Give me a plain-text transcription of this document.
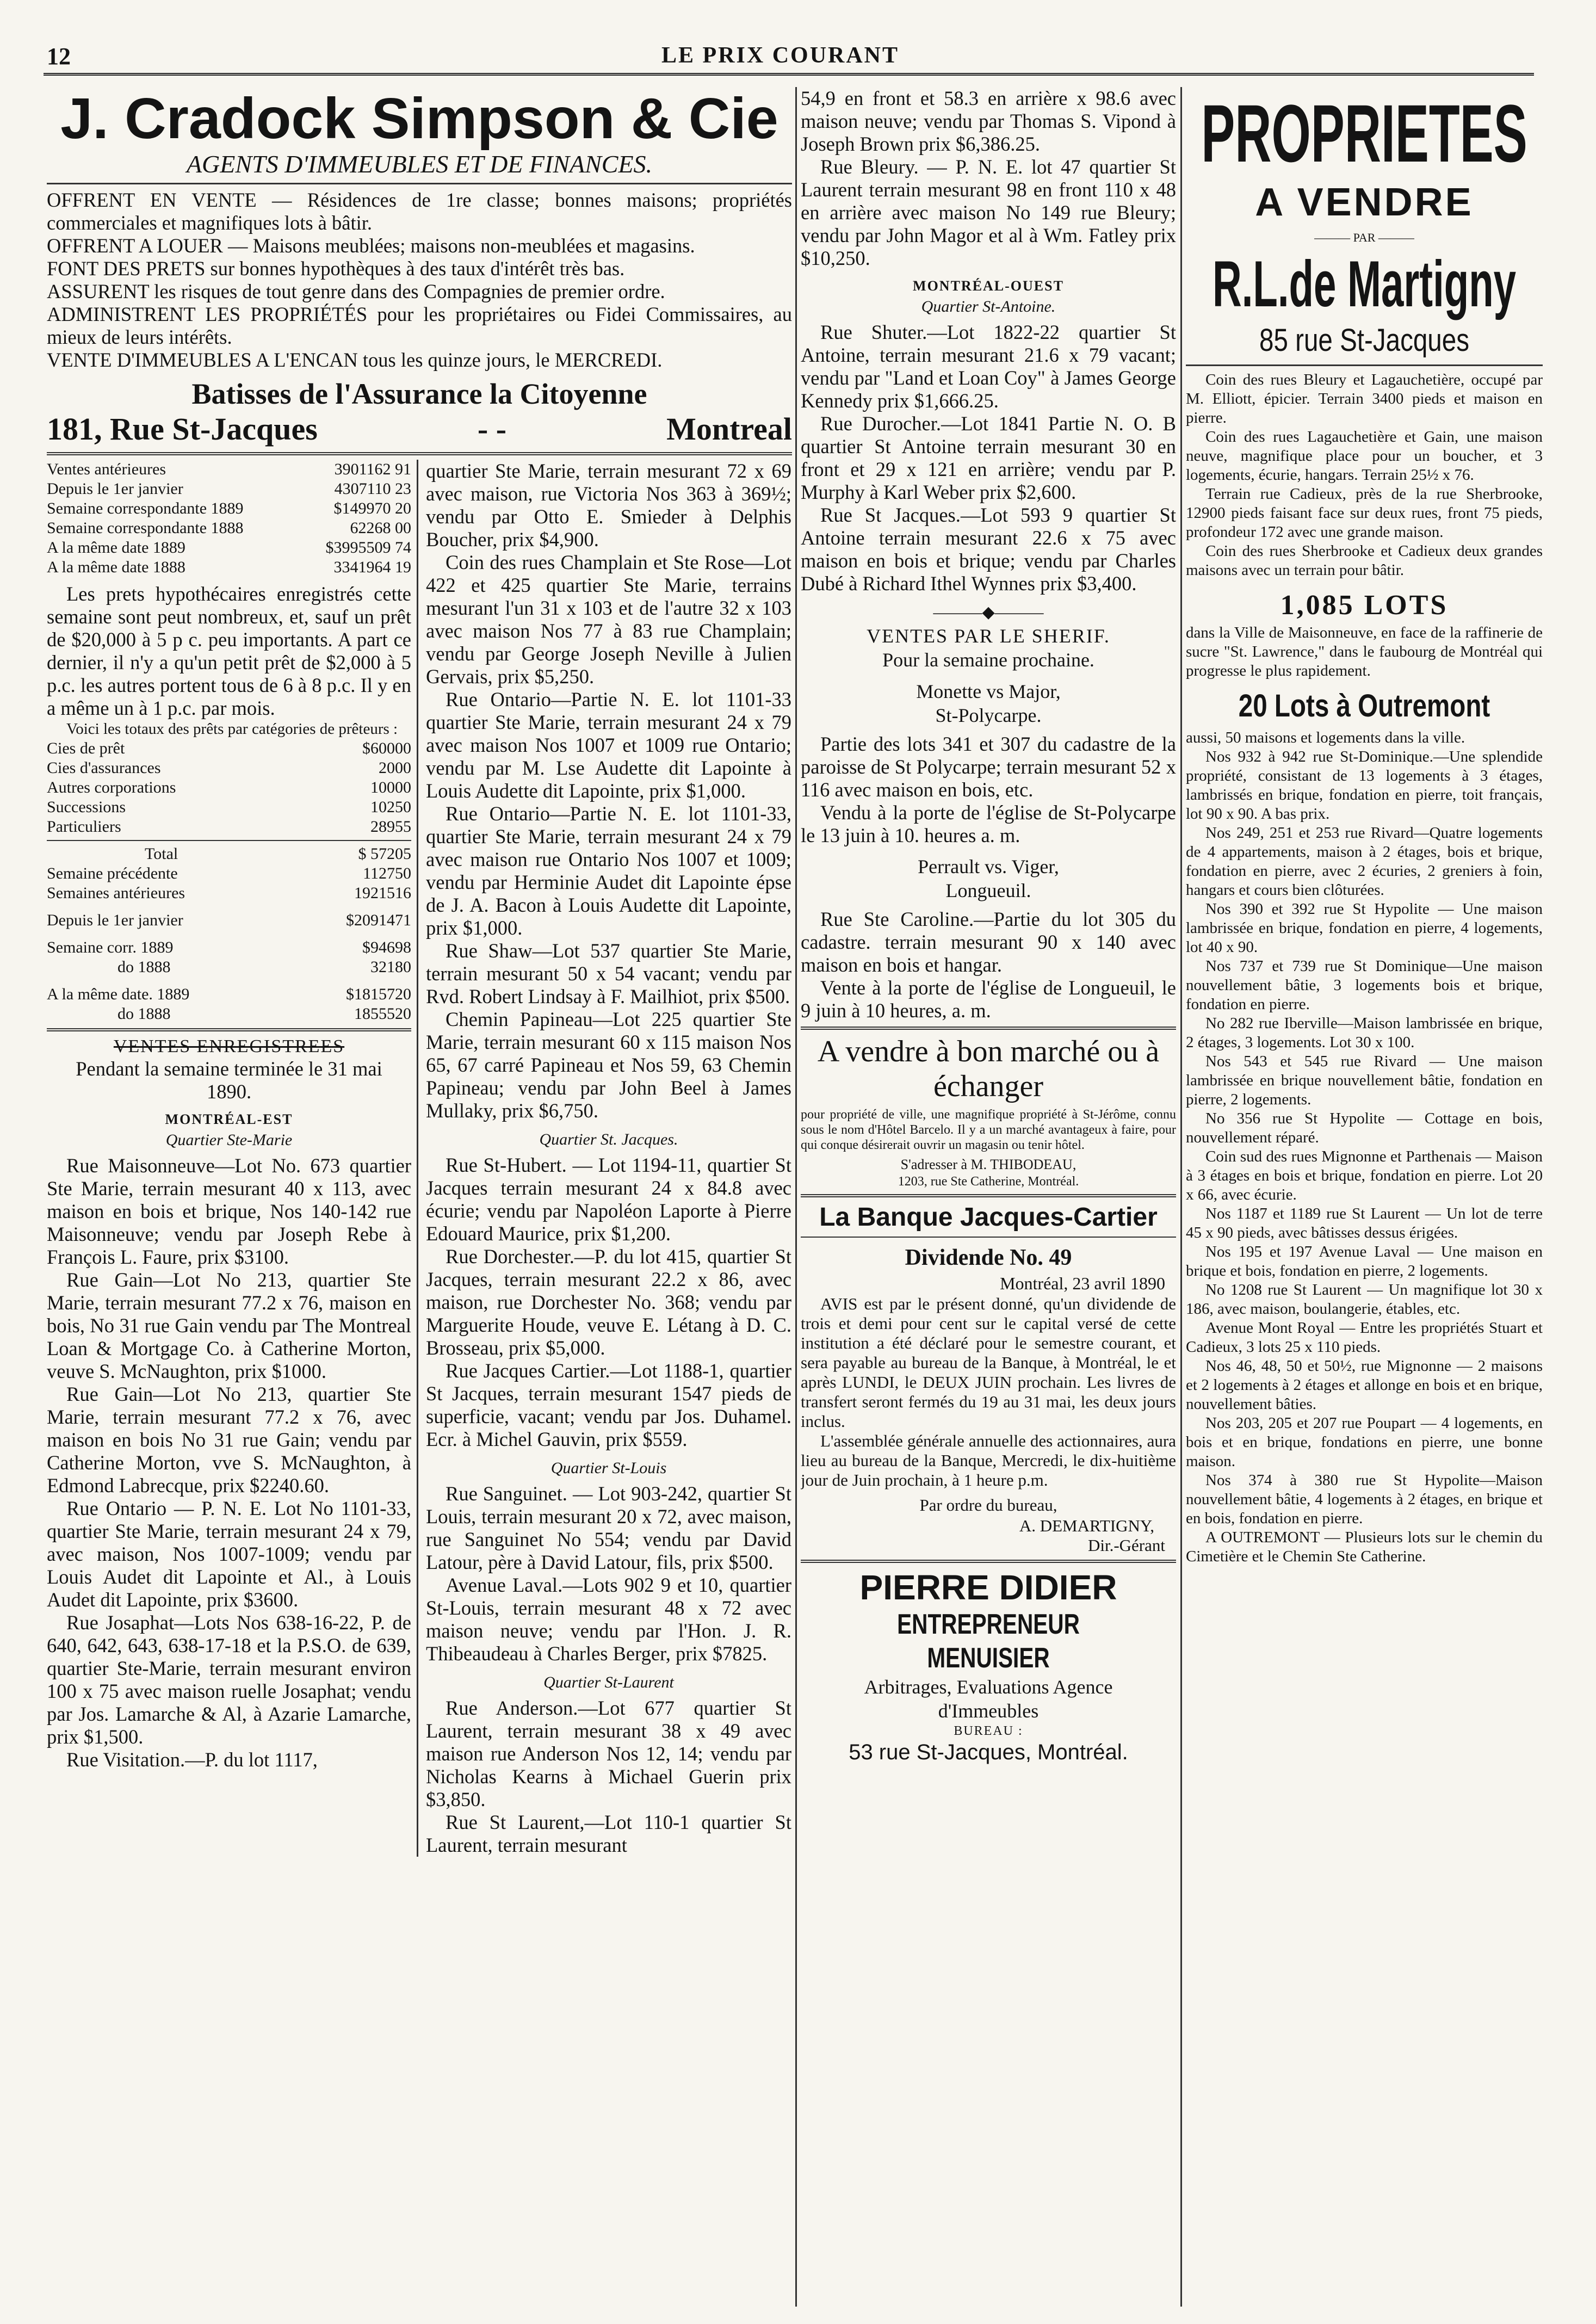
12	LE PRIX COURANT
J. Cradock Simpson & Cie
AGENTS D'IMMEUBLES ET DE FINANCES.

OFFRENT EN VENTE — Résidences de 1re classe; bonnes maisons; propriétés commerciales et magnifiques lots à bâtir.

OFFRENT A LOUER — Maisons meublées; maisons non-meublées et magasins.

FONT DES PRETS sur bonnes hypothèques à des taux d'intérêt très bas.

ASSURENT les risques de tout genre dans des Compagnies de premier ordre.

ADMINISTRENT LES PROPRIÉTÉS pour les propriétaires ou Fidei Commissaires, au mieux de leurs intérêts.

VENTE D'IMMEUBLES A L'ENCAN tous les quinze jours, le MERCREDI.

Batisses de l'Assurance la Citoyenne
181, Rue St-Jacques	- -	Montreal
Ventes antérieures	3901162 91
Depuis le 1er janvier	4307110 23
Semaine correspondante 1889	$149970 20
Semaine correspondante 1888	62268 00
A la même date 1889	$3995509 74
A la même date 1888	3341964 19

Les prets hypothécaires enregistrés cette semaine sont peut nombreux, et, sauf un prêt de $20,000 à 5 p c. peu importants. A part ce dernier, il n'y a qu'un petit prêt de $2,000 à 5 p.c. les autres portent tous de 6 à 8 p.c. Il y en a même un à 1 p.c. par mois.

Voici les totaux des prêts par catégories de prêteurs :

Cies de prêt	$60000
Cies d'assurances	2000
Autres corporations	10000
Successions	10250
Particuliers	28955
Total	$ 57205
Semaine précédente	112750
Semaines antérieures	1921516
Depuis le 1er janvier	$2091471
Semaine corr. 1889	$94698
do 1888	32180
A la même date. 1889	$1815720
do 1888	1855520
VENTES ENREGISTREES

Pendant la semaine terminée le 31 mai 1890.

MONTRÉAL-EST
Quartier Ste-Marie

Rue Maisonneuve—Lot No. 673 quartier Ste Marie, terrain mesurant 40 x 113, avec maison en bois et brique, Nos 140-142 rue Maisonneuve; vendu par Joseph Rebe à François L. Faure, prix $3100.

Rue Gain—Lot No 213, quartier Ste Marie, terrain mesurant 77.2 x 76, maison en bois, No 31 rue Gain vendu par The Montreal Loan & Mortgage Co. à Catherine Morton, veuve S. McNaughton, prix $1000.

Rue Gain—Lot No 213, quartier Ste Marie, terrain mesurant 77.2 x 76, avec maison en bois No 31 rue Gain; vendu par Catherine Morton, vve S. McNaughton, à Edmond Labrecque, prix $2240.60.

Rue Ontario — P. N. E. Lot No 1101-33, quartier Ste Marie, terrain mesurant 24 x 79, avec maison, Nos 1007-1009; vendu par Louis Audet dit Lapointe et Al., à Louis Audet dit Lapointe, prix $3600.

Rue Josaphat—Lots Nos 638-16-22, P. de 640, 642, 643, 638-17-18 et la P.S.O. de 639, quartier Ste-Marie, terrain mesurant environ 100 x 75 avec maison ruelle Josaphat; vendu par Jos. Lamarche & Al, à Azarie Lamarche, prix $1,500.

Rue Visitation.—P. du lot 1117,

quartier Ste Marie, terrain mesurant 72 x 69 avec maison, rue Victoria Nos 363 à 369½; vendu par Otto E. Smieder à Delphis Boucher, prix $4,900.

Coin des rues Champlain et Ste Rose—Lot 422 et 425 quartier Ste Marie, terrains mesurant l'un 31 x 103 et de l'autre 32 x 103 avec maison Nos 77 à 83 rue Champlain; vendu par George Joseph Neville à Julien Gervais, prix $5,250.

Rue Ontario—Partie N. E. lot 1101-33 quartier Ste Marie, terrain mesurant 24 x 79 avec maison Nos 1007 et 1009 rue Ontario; vendu par M. Lse Audette dit Lapointe à Louis Audette dit Lapointe, prix $1,000.

Rue Ontario—Partie N. E. lot 1101-33, quartier Ste Marie, terrain mesurant 24 x 79 avec maison rue Ontario Nos 1007 et 1009; vendu par Herminie Audet dit Lapointe épse de J. A. Bacon à Louis Audette dit Lapointe, prix $1,000.

Rue Shaw—Lot 537 quartier Ste Marie, terrain mesurant 50 x 54 vacant; vendu par Rvd. Robert Lindsay à F. Mailhiot, prix $500.

Chemin Papineau—Lot 225 quartier Ste Marie, terrain mesurant 60 x 115 maison Nos 65, 67 carré Papineau et Nos 59, 63 Chemin Papineau; vendu par John Beel à James Mullaky, prix $6,750.

Quartier St. Jacques.

Rue St-Hubert. — Lot 1194-11, quartier St Jacques terrain mesurant 24 x 84.8 avec écurie; vendu par Napoléon Laporte à Pierre Edouard Maurice, prix $1,200.

Rue Dorchester.—P. du lot 415, quartier St Jacques, terrain mesurant 22.2 x 86, avec maison, rue Dorchester No. 368; vendu par Marguerite Houde, veuve E. Létang à D. C. Brosseau, prix $5,000.

Rue Jacques Cartier.—Lot 1188-1, quartier St Jacques, terrain mesurant 1547 pieds de superficie, vacant; vendu par Jos. Duhamel. Ecr. à Michel Gauvin, prix $559.

Quartier St-Louis

Rue Sanguinet. — Lot 903-242, quartier St Louis, terrain mesurant 20 x 72, avec maison, rue Sanguinet No 554; vendu par David Latour, père à David Latour, fils, prix $500.

Avenue Laval.—Lots 902 9 et 10, quartier St-Louis, terrain mesurant 48 x 72 avec maison neuve; vendu par l'Hon. J. R. Thibeaudeau à Charles Berger, prix $7825.

Quartier St-Laurent

Rue Anderson.—Lot 677 quartier St Laurent, terrain mesurant 38 x 49 avec maison rue Anderson Nos 12, 14; vendu par Nicholas Kearns à Michael Guerin prix $3,850.

Rue St Laurent,—Lot 110-1 quartier St Laurent, terrain mesurant

54,9 en front et 58.3 en arrière x 98.6 avec maison neuve; vendu par Thomas S. Vipond à Joseph Brown prix $6,386.25.

Rue Bleury. — P. N. E. lot 47 quartier St Laurent terrain mesurant 98 en front 110 x 48 en arrière avec maison No 149 rue Bleury; vendu par John Magor et al à Wm. Fatley prix $10,250.

MONTRÉAL-OUEST
Quartier St-Antoine.

Rue Shuter.—Lot 1822-22 quartier St Antoine, terrain mesurant 21.6 x 79 vacant; vendu par "Land et Loan Coy" à James George Kennedy prix $1,666.25.

Rue Durocher.—Lot 1841 Partie N. O. B quartier St Antoine terrain mesurant 30 en front et 29 x 121 en arrière; vendu par P. Murphy à Karl Weber prix $2,600.

Rue St Jacques.—Lot 593 9 quartier St Antoine terrain mesurant 22.6 x 75 avec maison en bois et brique; vendu par Charles Dubé à Richard Ithel Wynnes prix $3,400.

———◆———
VENTES PAR LE SHERIF.
Pour la semaine prochaine.
Monette vs Major,
St-Polycarpe.

Partie des lots 341 et 307 du cadastre de la paroisse de St Polycarpe; terrain mesurant 52 x 116 avec maison en bois, etc.

Vendu à la porte de l'église de St-Polycarpe le 13 juin à 10. heures a. m.

Perrault vs. Viger,
Longueuil.

Rue Ste Caroline.—Partie du lot 305 du cadastre. terrain mesurant 90 x 140 avec maison en bois et hangar.

Vente à la porte de l'église de Longueuil, le 9 juin à 10 heures, a. m.

A vendre à bon marché ou à échanger

pour propriété de ville, une magnifique propriété à St-Jérôme, connu sous le nom d'Hôtel Barcelo. Il y a un marché avantageux à faire, pour qui conque désirerait ouvrir un magasin ou tenir hôtel.

S'adresser à M. THIBODEAU,
1203, rue Ste Catherine, Montréal.
La Banque Jacques-Cartier
Dividende No. 49
Montréal, 23 avril 1890

AVIS est par le présent donné, qu'un dividende de trois et demi pour cent sur le capital versé de cette institution a été déclaré pour le semestre courant, et sera payable au bureau de la Banque, à Montréal, le et après LUNDI, le DEUX JUIN prochain. Les livres de transfert seront fermés du 19 au 31 mai, les deux jours inclus.

L'assemblée générale annuelle des actionnaires, aura lieu au bureau de la Banque, Mercredi, le dix-huitième jour de Juin prochain, à 1 heure p.m.

Par ordre du bureau,
A. DEMARTIGNY,
Dir.-Gérant
PIERRE DIDIER
ENTREPRENEUR MENUISIER
Arbitrages, Evaluations Agence d'Immeubles
BUREAU :
53 rue St-Jacques, Montréal.
PROPRIETES
A VENDRE
——— PAR ———
R.L.de Martigny
85 rue St-Jacques

Coin des rues Bleury et Lagauchetière, occupé par M. Elliott, épicier. Terrain 3400 pieds et maison en pierre.

Coin des rues Lagauchetière et Gain, une maison neuve, magnifique place pour un boucher, et 3 logements, écurie, hangars. Terrain 25½ x 76.

Terrain rue Cadieux, près de la rue Sherbrooke, 12900 pieds faisant face sur deux rues, front 75 pieds, profondeur 172 avec une grande maison.

Coin des rues Sherbrooke et Cadieux deux grandes maisons avec un terrain pour bâtir.

1,085 LOTS

dans la Ville de Maisonneuve, en face de la raffinerie de sucre "St. Lawrence," dans le faubourg de Montréal qui progresse le plus rapidement.

20 Lots à Outremont

aussi, 50 maisons et logements dans la ville.

Nos 932 à 942 rue St-Dominique.—Une splendide propriété, consistant de 13 logements à 3 étages, lambrissés en brique, fondation en pierre, toit français, lot 90 x 90. A bas prix.

Nos 249, 251 et 253 rue Rivard—Quatre logements de 4 appartements, maison à 2 étages, bois et brique, fondation en pierre, avec 2 écuries, 2 greniers à foin, hangars et cours bien clôturées.

Nos 390 et 392 rue St Hypolite — Une maison lambrissée en brique, fondation en pierre, 4 logements, lot 40 x 90.

Nos 737 et 739 rue St Dominique—Une maison nouvellement bâtie, 3 logements bois et brique, fondation en pierre.

No 282 rue Iberville—Maison lambrissée en brique, 2 étages, 3 logements. Lot 30 x 100.

Nos 543 et 545 rue Rivard — Une maison lambrissée en brique nouvellement bâtie, fondation en pierre, 2 logements.

No 356 rue St Hypolite — Cottage en bois, nouvellement réparé.

Coin sud des rues Mignonne et Parthenais — Maison à 3 étages en bois et brique, fondation en pierre. Lot 20 x 66, avec écurie.

Nos 1187 et 1189 rue St Laurent — Un lot de terre 45 x 90 pieds, avec bâtisses dessus érigées.

Nos 195 et 197 Avenue Laval — Une maison en brique et bois, fondation en pierre, 2 logements.

No 1208 rue St Laurent — Un magnifique lot 30 x 186, avec maison, boulangerie, étables, etc.

Avenue Mont Royal — Entre les propriétés Stuart et Cadieux, 3 lots 25 x 110 pieds.

Nos 46, 48, 50 et 50½, rue Mignonne — 2 maisons et 2 logements à 2 étages et allonge en bois et en brique, nouvellement bâties.

Nos 203, 205 et 207 rue Poupart — 4 logements, en bois et en brique, fondations en pierre, une bonne maison.

Nos 374 à 380 rue St Hypolite—Maison nouvellement bâtie, 4 logements à 2 étages, en brique et en bois, fondation en pierre.

A OUTREMONT — Plusieurs lots sur le chemin du Cimetière et le Chemin Ste Catherine.
